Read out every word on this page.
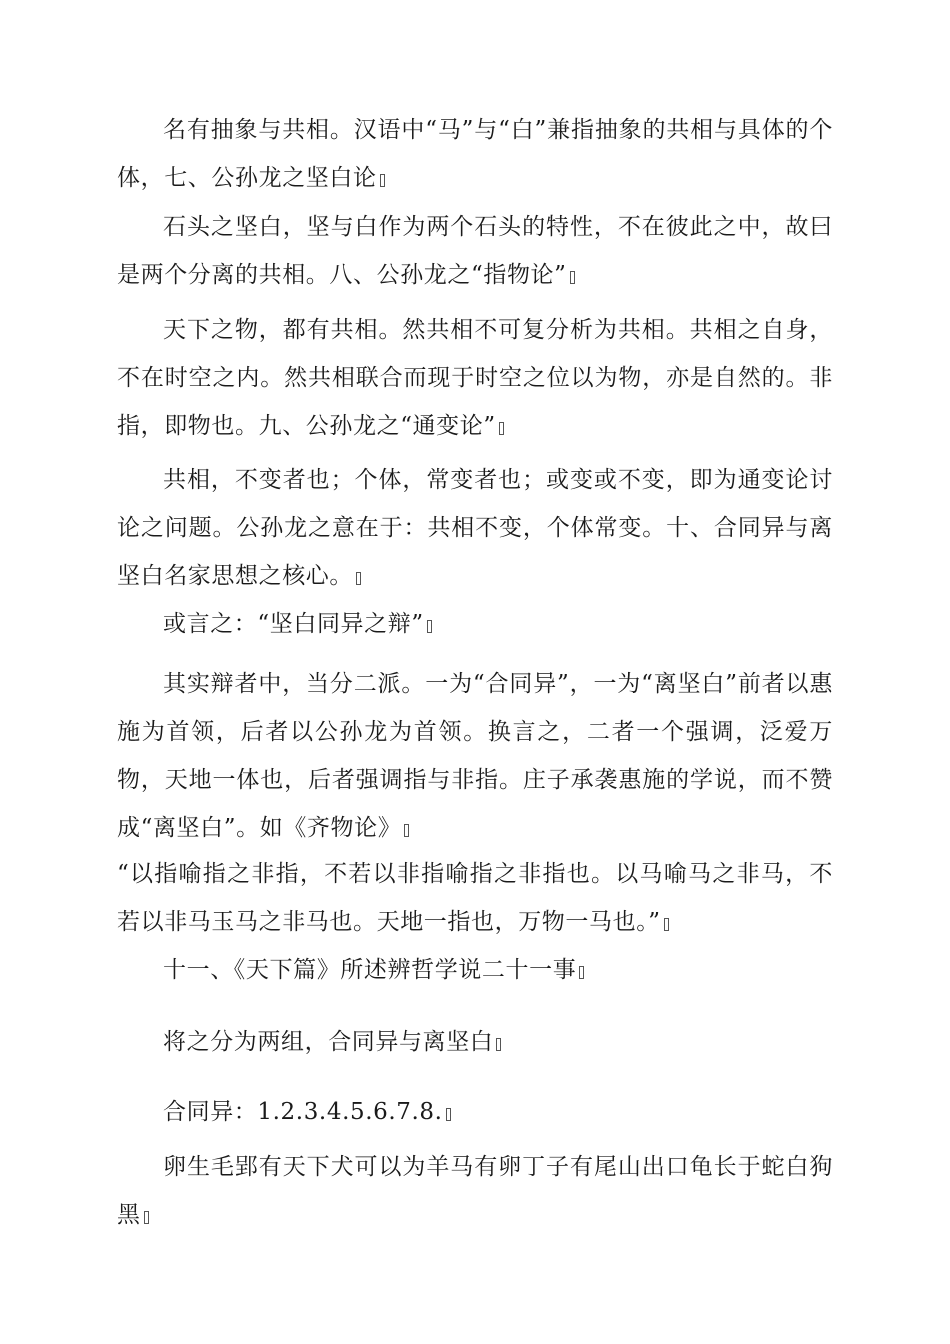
名有抽象与共相。汉语中“马”与“白”兼指抽象的共相与具体的个体，七、公孙龙之坚白论

石头之坚白，坚与白作为两个石头的特性，不在彼此之中，故曰是两个分离的共相。八、公孙龙之“指物论”

天下之物，都有共相。然共相不可复分析为共相。共相之自身，不在时空之内。然共相联合而现于时空之位以为物，亦是自然的。非指，即物也。九、公孙龙之“通变论”

共相，不变者也；个体，常变者也；或变或不变，即为通变论讨论之问题。公孙龙之意在于：共相不变，个体常变。十、合同异与离坚白名家思想之核心。

或言之：“坚白同异之辩”

其实辩者中，当分二派。一为“合同异”，一为“离坚白”前者以惠施为首领，后者以公孙龙为首领。换言之，二者一个强调，泛爱万物，天地一体也，后者强调指与非指。庄子承袭惠施的学说，而不赞成“离坚白”。如《齐物论》

“以指喻指之非指，不若以非指喻指之非指也。以马喻马之非马，不若以非马玉马之非马也。天地一指也，万物一马也。”

十一、《天下篇》所述辨哲学说二十一事

将之分为两组，合同异与离坚白

合同异：1.2.3.4.5.6.7.8.

卵生毛郢有天下犬可以为羊马有卵丁子有尾山出口龟长于蛇白狗黑
